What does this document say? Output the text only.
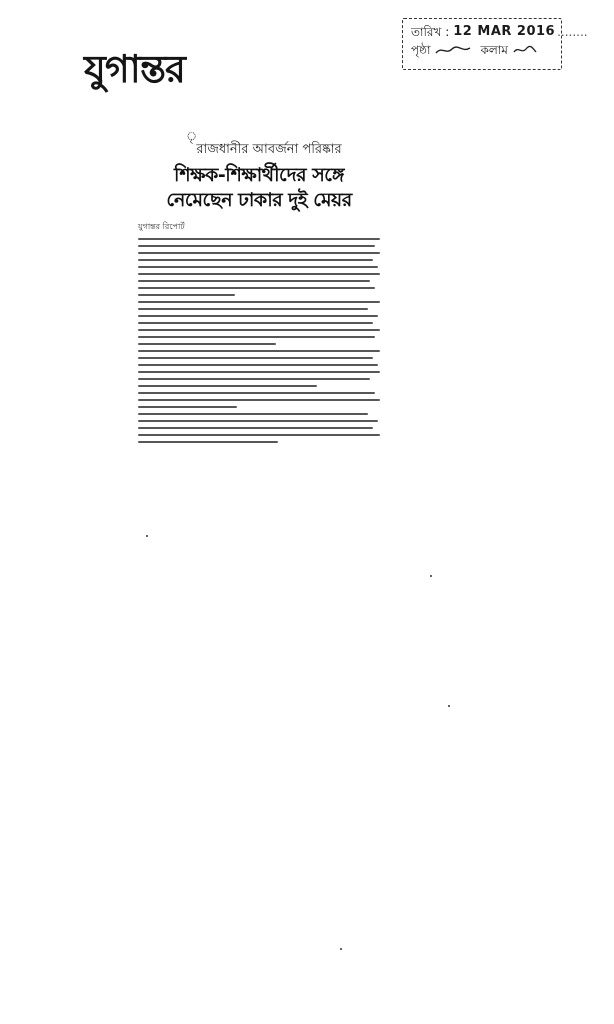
যুগান্তর
তারিখ : 12 MAR 2016 ........
পৃষ্ঠা	কলাম
ৃ
রাজধানীর আবর্জনা পরিষ্কার
শিক্ষক-শিক্ষার্থীদের সঙ্গে
নেমেছেন ঢাকার দুই মেয়র
যুগান্তর রিপোর্ট
